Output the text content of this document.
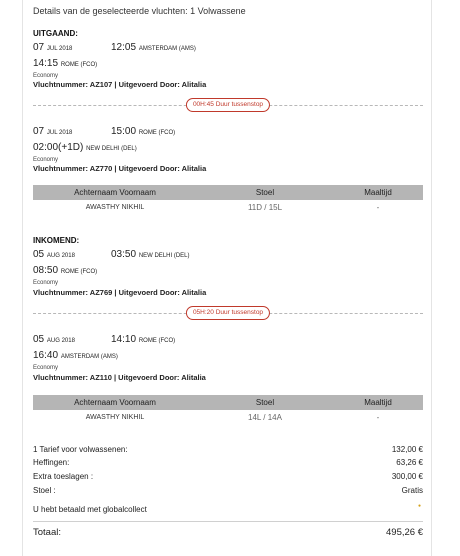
Details van de geselecteerde vluchten: 1 Volwassene
UITGAAND:
07 JUL 2018	12:05 AMSTERDAM (AMS)
14:15 ROME (FCO)
Economy
Vluchtnummer: AZ107 | Uitgevoerd Door: Alitalia
00H:45 Duur tussenstop
07 JUL 2018	15:00 ROME (FCO)
02:00(+1D) NEW DELHI (DEL)
Economy
Vluchtnummer: AZ770 | Uitgevoerd Door: Alitalia
Achternaam Voornaam	Stoel	Maaltijd
AWASTHY NIKHIL	11D / 15L	-
INKOMEND:
05 AUG 2018	03:50 NEW DELHI (DEL)
08:50 ROME (FCO)
Economy
Vluchtnummer: AZ769 | Uitgevoerd Door: Alitalia
05H:20 Duur tussenstop
05 AUG 2018	14:10 ROME (FCO)
16:40 AMSTERDAM (AMS)
Economy
Vluchtnummer: AZ110 | Uitgevoerd Door: Alitalia
Achternaam Voornaam	Stoel	Maaltijd
AWASTHY NIKHIL	14L / 14A	-
1 Tarief voor volwassenen:	132,00 €
Heffingen:	63,26 €
Extra toeslagen :	300,00 €
Stoel :	Gratis
U hebt betaald met globalcollect	●
Totaal:	495,26 €
